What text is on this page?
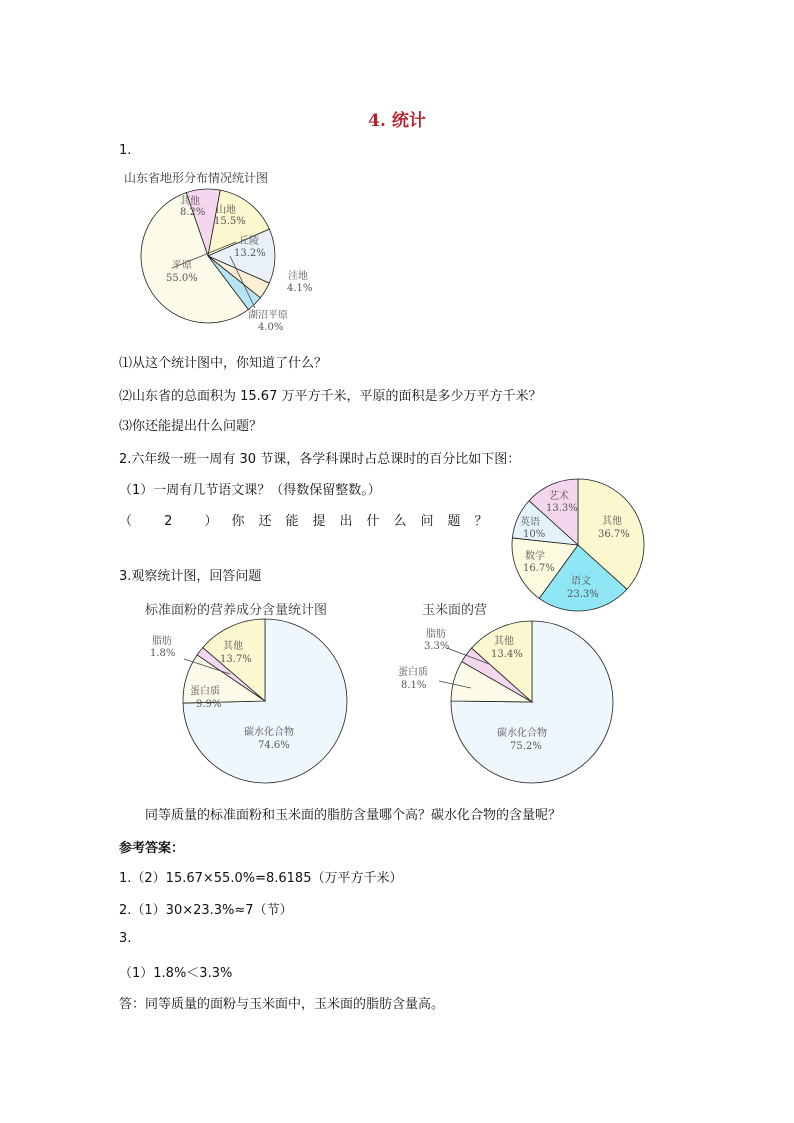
4. 统计
1.
山东省地形分布情况统计图
其他
8.2% 山地
15.5%
丘陵
13.2%
洼地
4.1%
湖沼平原
4.0%
平原
55.0%
⑴从这个统计图中，你知道了什么？
⑵山东省的总面积为 15.67 万平方千米，平原的面积是多少万平方千米？
⑶你还能提出什么问题？
2.六年级一班一周有 30 节课，各学科课时占总课时的百分比如下图：
（1）一周有几节语文课？（得数保留整数。）
（ 2 ）你还能提出什么问题？
艺术
13.3%
其他
36.7%
英语
10%
数学
16.7%
语文
23.3%
3.观察统计图，回答问题
标准面粉的营养成分含量统计图	玉米面的营
脂肪
1.8%
其他
13.7%
蛋白质
9.9%
碳水化合物
74.6%
脂肪
3.3%
蛋白质
8.1%
其他
13.4%
碳水化合物
75.2%
同等质量的标准面粉和玉米面的脂肪含量哪个高？碳水化合物的含量呢？
参考答案：
1.（2）15.67×55.0%=8.6185（万平方千米）
2.（1）30×23.3%≈7（节）
3.
（1）1.8%＜3.3%
答：同等质量的面粉与玉米面中，玉米面的脂肪含量高。
